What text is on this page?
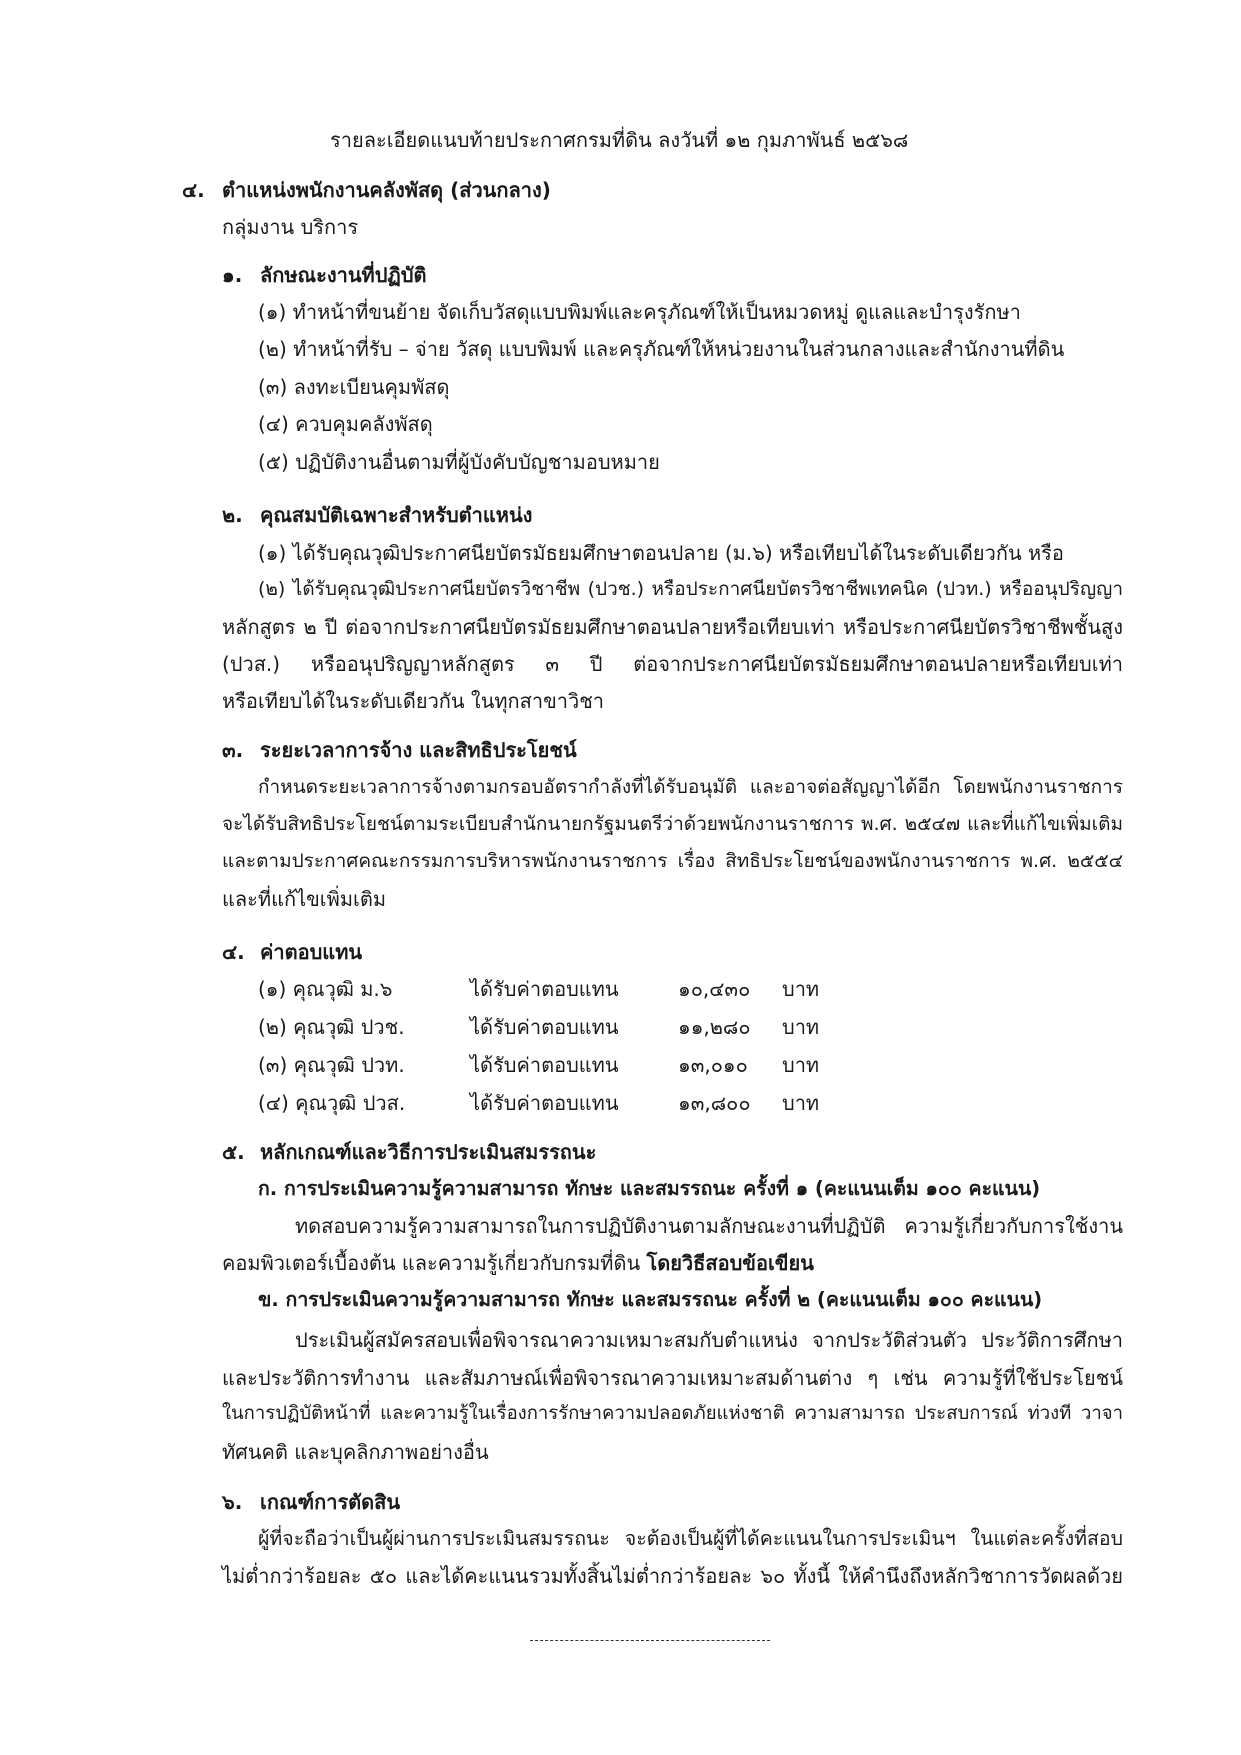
รายละเอียดแนบท้ายประกาศกรมที่ดิน ลงวันที่ ๑๒ กุมภาพันธ์ ๒๕๖๘
๔. ตำแหน่งพนักงานคลังพัสดุ (ส่วนกลาง)
กลุ่มงาน บริการ
๑. ลักษณะงานที่ปฏิบัติ
(๑) ทำหน้าที่ขนย้าย จัดเก็บวัสดุแบบพิมพ์และครุภัณฑ์ให้เป็นหมวดหมู่ ดูแลและบำรุงรักษา
(๒) ทำหน้าที่รับ – จ่าย วัสดุ แบบพิมพ์ และครุภัณฑ์ให้หน่วยงานในส่วนกลางและสำนักงานที่ดิน
(๓) ลงทะเบียนคุมพัสดุ
(๔) ควบคุมคลังพัสดุ
(๕) ปฏิบัติงานอื่นตามที่ผู้บังคับบัญชามอบหมาย
๒. คุณสมบัติเฉพาะสำหรับตำแหน่ง
(๑) ได้รับคุณวุฒิประกาศนียบัตรมัธยมศึกษาตอนปลาย (ม.๖) หรือเทียบได้ในระดับเดียวกัน หรือ
(๒) ได้รับคุณวุฒิประกาศนียบัตรวิชาชีพ (ปวช.) หรือประกาศนียบัตรวิชาชีพเทคนิค (ปวท.) หรืออนุปริญญา
หลักสูตร ๒ ปี ต่อจากประกาศนียบัตรมัธยมศึกษาตอนปลายหรือเทียบเท่า หรือประกาศนียบัตรวิชาชีพชั้นสูง
(ปวส.) หรืออนุปริญญาหลักสูตร ๓ ปี ต่อจากประกาศนียบัตรมัธยมศึกษาตอนปลายหรือเทียบเท่า
หรือเทียบได้ในระดับเดียวกัน ในทุกสาขาวิชา
๓. ระยะเวลาการจ้าง และสิทธิประโยชน์
กำหนดระยะเวลาการจ้างตามกรอบอัตรากำลังที่ได้รับอนุมัติ และอาจต่อสัญญาได้อีก โดยพนักงานราชการ
จะได้รับสิทธิประโยชน์ตามระเบียบสำนักนายกรัฐมนตรีว่าด้วยพนักงานราชการ พ.ศ. ๒๕๔๗ และที่แก้ไขเพิ่มเติม
และตามประกาศคณะกรรมการบริหารพนักงานราชการ เรื่อง สิทธิประโยชน์ของพนักงานราชการ พ.ศ. ๒๕๕๔
และที่แก้ไขเพิ่มเติม
๔. ค่าตอบแทน
(๑) คุณวุฒิ ม.๖	ได้รับค่าตอบแทน	๑๐,๔๓๐ บาท
(๒) คุณวุฒิ ปวช.	ได้รับค่าตอบแทน	๑๑,๒๘๐ บาท
(๓) คุณวุฒิ ปวท.	ได้รับค่าตอบแทน	๑๓,๐๑๐ บาท
(๔) คุณวุฒิ ปวส.	ได้รับค่าตอบแทน	๑๓,๘๐๐ บาท
๕. หลักเกณฑ์และวิธีการประเมินสมรรถนะ
ก. การประเมินความรู้ความสามารถ ทักษะ และสมรรถนะ ครั้งที่ ๑ (คะแนนเต็ม ๑๐๐ คะแนน)
ทดสอบความรู้ความสามารถในการปฏิบัติงานตามลักษณะงานที่ปฏิบัติ ความรู้เกี่ยวกับการใช้งาน
คอมพิวเตอร์เบื้องต้น และความรู้เกี่ยวกับกรมที่ดิน โดยวิธีสอบข้อเขียน
ข. การประเมินความรู้ความสามารถ ทักษะ และสมรรถนะ ครั้งที่ ๒ (คะแนนเต็ม ๑๐๐ คะแนน)
ประเมินผู้สมัครสอบเพื่อพิจารณาความเหมาะสมกับตำแหน่ง จากประวัติส่วนตัว ประวัติการศึกษา
และประวัติการทำงาน และสัมภาษณ์เพื่อพิจารณาความเหมาะสมด้านต่าง ๆ เช่น ความรู้ที่ใช้ประโยชน์
ในการปฏิบัติหน้าที่ และความรู้ในเรื่องการรักษาความปลอดภัยแห่งชาติ ความสามารถ ประสบการณ์ ท่วงที วาจา
ทัศนคติ และบุคลิกภาพอย่างอื่น
๖. เกณฑ์การตัดสิน
ผู้ที่จะถือว่าเป็นผู้ผ่านการประเมินสมรรถนะ จะต้องเป็นผู้ที่ได้คะแนนในการประเมินฯ ในแต่ละครั้งที่สอบ
ไม่ต่ำกว่าร้อยละ ๕๐ และได้คะแนนรวมทั้งสิ้นไม่ต่ำกว่าร้อยละ ๖๐ ทั้งนี้ ให้คำนึงถึงหลักวิชาการวัดผลด้วย
